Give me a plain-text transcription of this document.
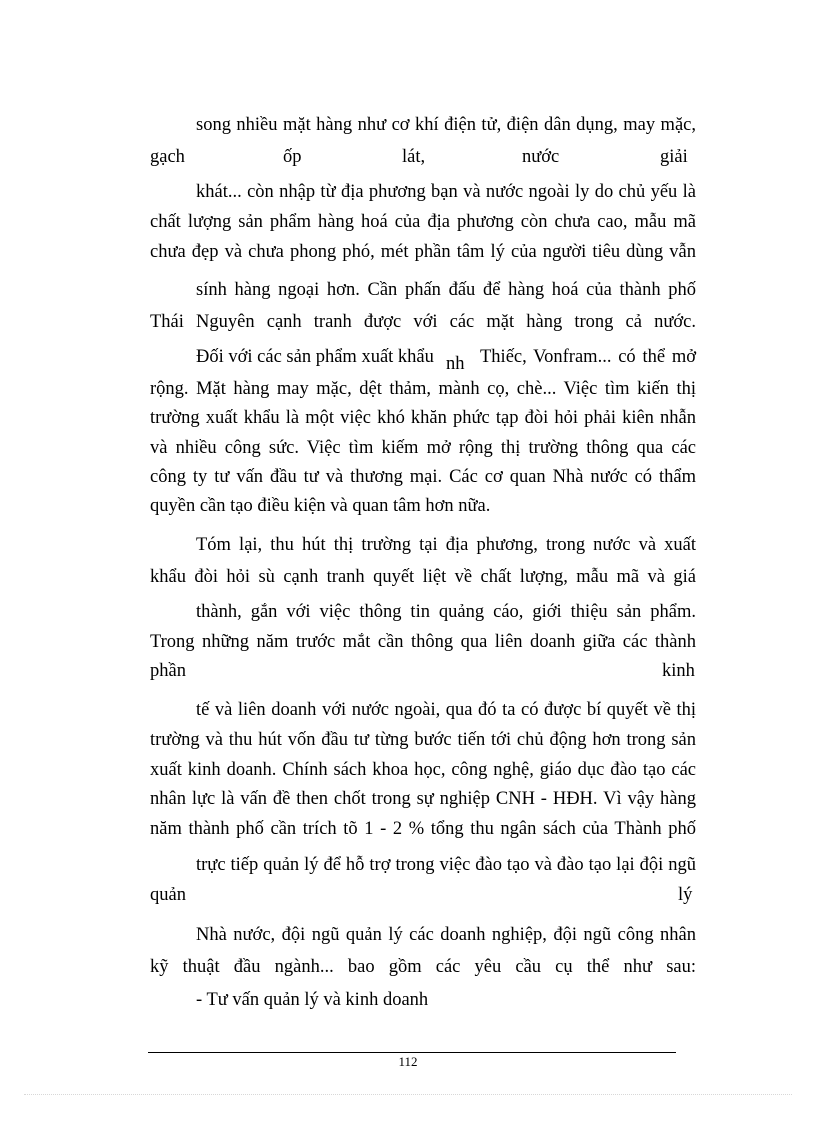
song nhiều mặt hàng như cơ khí điện tử, điện dân dụng, may mặc,

gạch	ốp	lát,	nước	giải

khát... còn nhập từ địa phương bạn và nước ngoài ly do chủ yếu là

chất lượng sản phẩm hàng hoá của địa phương còn chưa cao, mẫu mã

chưa đẹp và chưa phong phó, mét phần tâm lý của người tiêu dùng vẫn

sính hàng ngoại hơn. Cần phấn đấu để hàng hoá của thành phố

Thái Nguyên cạnh tranh được với các mặt hàng trong cả nước.

Đối với các sản phẩm xuất khẩu nh Thiếc, Vonfram... có thể mở

rộng. Mặt hàng may mặc, dệt thảm, mành cọ, chè... Việc tìm kiến thị

trường xuất khẩu là một việc khó khăn phức tạp đòi hỏi phải kiên nhẫn

và nhiều công sức. Việc tìm kiếm mở rộng thị trường thông qua các

công ty tư vấn đầu tư và thương mại. Các cơ quan Nhà nước có thẩm

quyền cần tạo điều kiện và quan tâm hơn nữa.

Tóm lại, thu hút thị trường tại địa phương, trong nước và xuất

khẩu đòi hỏi sù cạnh tranh quyết liệt về chất lượng, mẫu mã và giá

thành, gắn với việc thông tin quảng cáo, giới thiệu sản phẩm.

Trong những năm trước mắt cần thông qua liên doanh giữa các thành

phần	kinh

tế và liên doanh với nước ngoài, qua đó ta có được bí quyết về thị

trường và thu hút vốn đầu tư từng bước tiến tới chủ động hơn trong sản

xuất kinh doanh. Chính sách khoa học, công nghệ, giáo dục đào tạo các

nhân lực là vấn đề then chốt trong sự nghiệp CNH - HĐH. Vì vậy hàng

năm thành phố cần trích tõ 1 - 2 % tổng thu ngân sách của Thành phố

trực tiếp quản lý để hỗ trợ trong việc đào tạo và đào tạo lại đội ngũ

quản	lý

Nhà nước, đội ngũ quản lý các doanh nghiệp, đội ngũ công nhân

kỹ thuật đầu ngành... bao gồm các yêu cầu cụ thể như sau:

- Tư vấn quản lý và kinh doanh

112
